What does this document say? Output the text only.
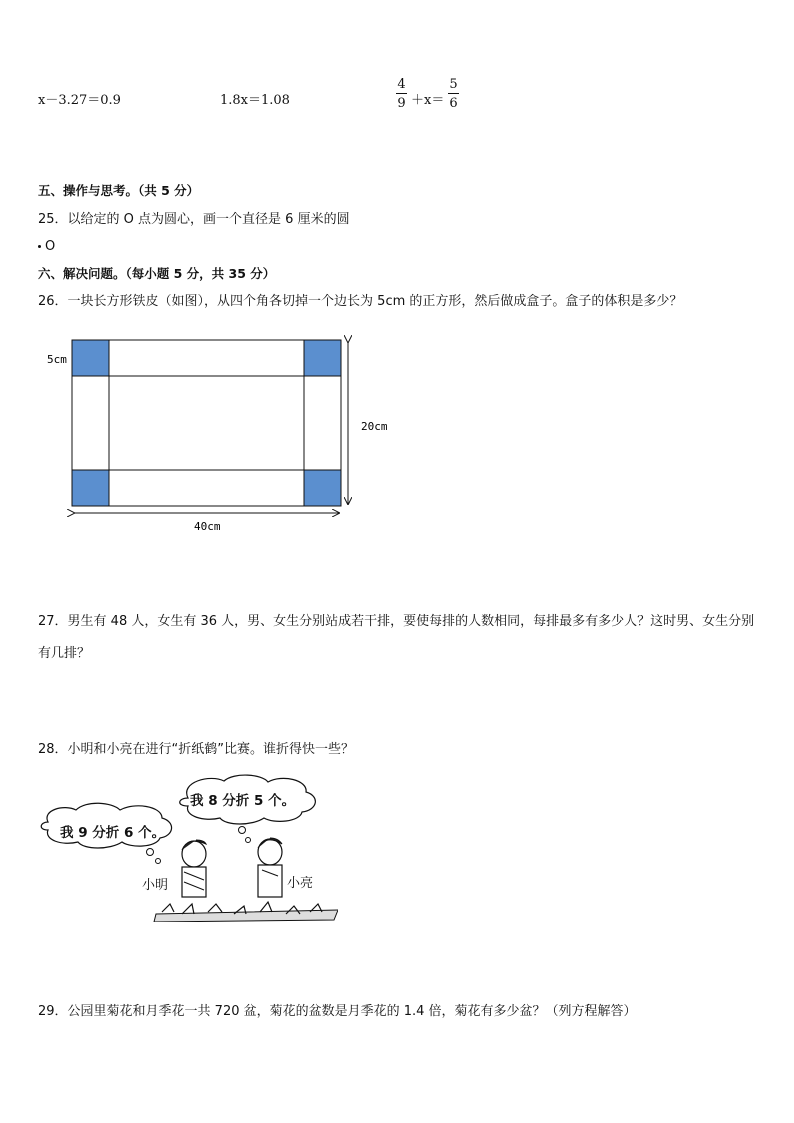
x－3.27＝0.9	1.8x＝1.08
4
9 ＋x＝
5
6
五、操作与思考。（共 5 分）
25．以给定的 O 点为圆心，画一个直径是 6 厘米的圆
O
六、解决问题。（每小题 5 分，共 35 分）
26．一块长方形铁皮（如图），从四个角各切掉一个边长为 5cm 的正方形，然后做成盒子。盒子的体积是多少？
5cm
20cm
40cm
27．男生有 48 人，女生有 36 人，男、女生分别站成若干排，要使每排的人数相同，每排最多有多少人？这时男、女生分别有几排？
28．小明和小亮在进行“折纸鹤”比赛。谁折得快一些？
我 8 分折 5 个。
我 9 分折 6 个。
小明	小亮
29．公园里菊花和月季花一共 720 盆，菊花的盆数是月季花的 1.4 倍，菊花有多少盆？（列方程解答）
